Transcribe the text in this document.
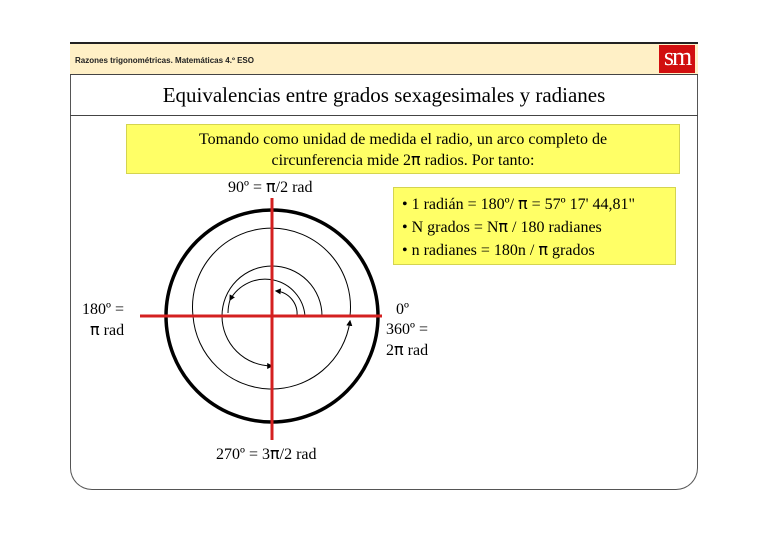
Razones trigonométricas. Matemáticas 4.º ESO	sm
Equivalencias entre grados sexagesimales y radianes
Tomando como unidad de medida el radio, un arco completo de
circunferencia mide 2π radios. Por tanto:
• 1 radián = 180º/ π = 57º 17' 44,81"
• N grados = Nπ / 180 radianes
• n radianes = 180n / π grados
90º = π/2 rad
180º =
π rad
0º
360º =
2π rad
270º = 3π/2 rad
